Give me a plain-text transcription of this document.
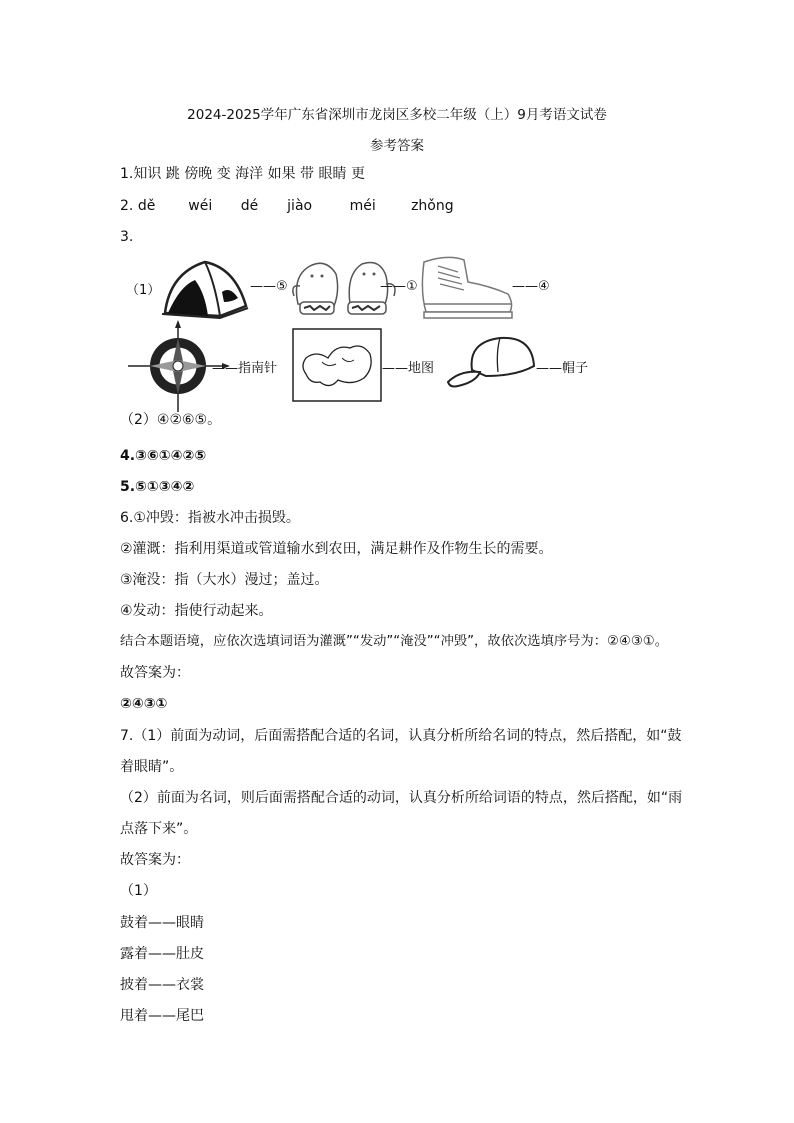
2024-2025学年广东省深圳市龙岗区多校二年级（上）9月考语文试卷
参考答案
1.知识 跳 傍晚 变 海洋 如果 带 眼睛 更
2. dě wéi dé jiào	méi	zhǒng
3.
（1）	——⑤	——①	——④
——指南针	——地图	——帽子
（2）④②⑥⑤。
4.③⑥①④②⑤
5.⑤①③④②
6.①冲毁：指被水冲击损毁。
②灌溉：指利用渠道或管道输水到农田，满足耕作及作物生长的需要。
③淹没：指（大水）漫过；盖过。
④发动：指使行动起来。
结合本题语境，应依次选填词语为灌溉”“发动”“淹没”“冲毁”，故依次选填序号为：②④③①。
故答案为：
②④③①
7.（1）前面为动词，后面需搭配合适的名词，认真分析所给名词的特点，然后搭配，如“鼓
着眼睛”。
（2）前面为名词，则后面需搭配合适的动词，认真分析所给词语的特点，然后搭配，如“雨
点落下来”。
故答案为：
（1）
鼓着——眼睛
露着——肚皮
披着——衣裳
甩着——尾巴
